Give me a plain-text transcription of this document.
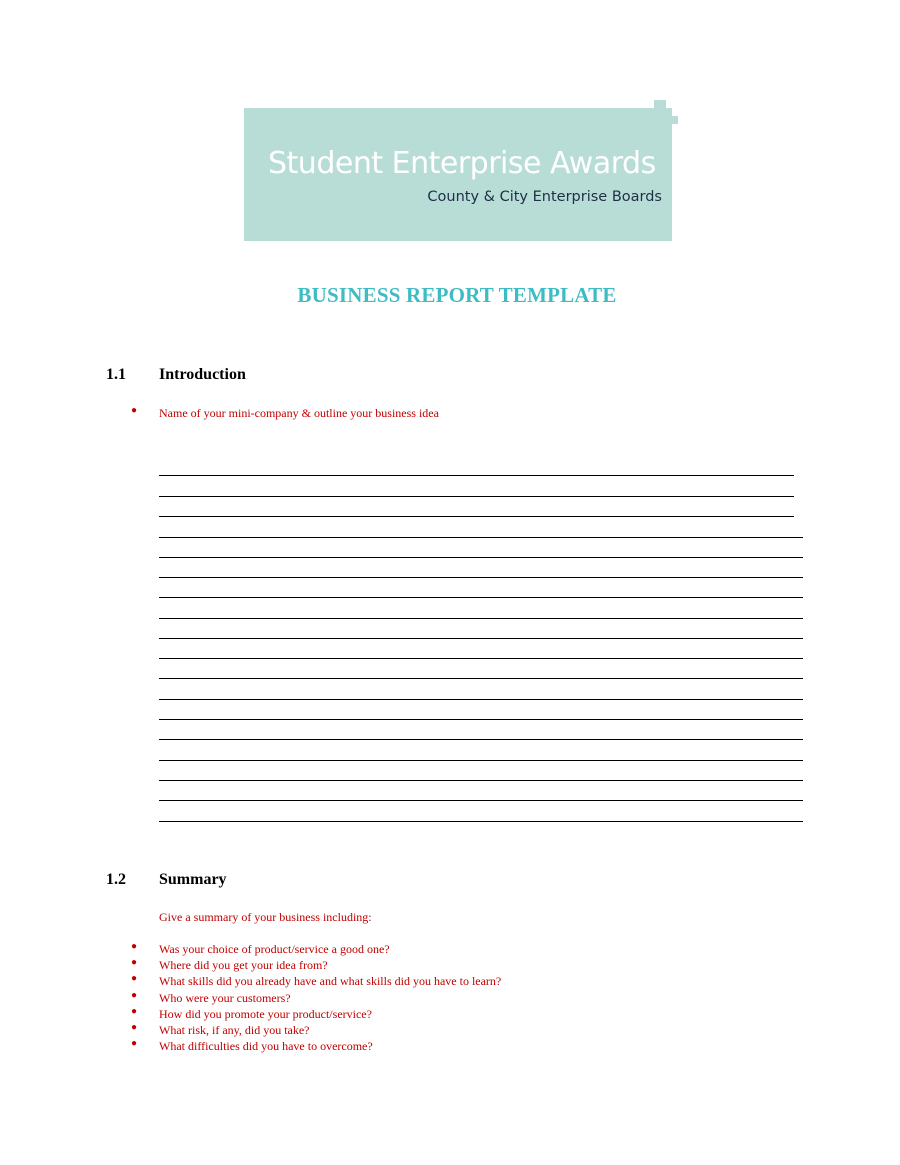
Student Enterprise Awards
County & City Enterprise Boards
BUSINESS REPORT TEMPLATE
1.1 Introduction
● Name of your mini-company & outline your business idea
1.2 Summary
Give a summary of your business including:
● Was your choice of product/service a good one?
● Where did you get your idea from?
● What skills did you already have and what skills did you have to learn?
● Who were your customers?
● How did you promote your product/service?
● What risk, if any, did you take?
● What difficulties did you have to overcome?
